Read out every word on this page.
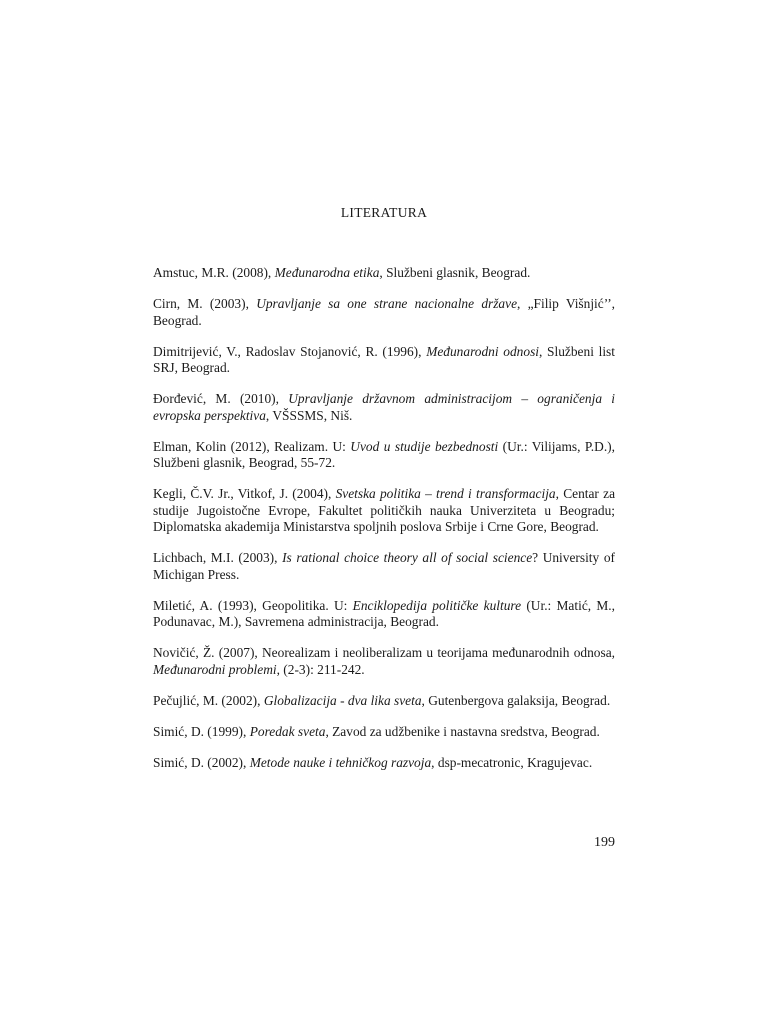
LITERATURA

Amstuc, M.R. (2008), Međunarodna etika, Službeni glasnik, Beograd.

Cirn, M. (2003), Upravljanje sa one strane nacionalne države, „Filip Višnjić’’, Beograd.

Dimitrijević, V., Radoslav Stojanović, R. (1996), Međunarodni odnosi, Službeni list SRJ, Beograd.

Đorđević, M. (2010), Upravljanje državnom administracijom – ograničenja i evropska perspektiva, VŠSSMS, Niš.

Elman, Kolin (2012), Realizam. U: Uvod u studije bezbednosti (Ur.: Vilijams, P.D.), Službeni glasnik, Beograd, 55-72.

Kegli, Č.V. Jr., Vitkof, J. (2004), Svetska politika – trend i transformacija, Centar za studije Jugoistočne Evrope, Fakultet političkih nauka Univerziteta u Beogradu; Diplomatska akademija Ministarstva spoljnih poslova Srbije i Crne Gore, Beograd.

Lichbach, M.I. (2003), Is rational choice theory all of social science? University of Michigan Press.

Miletić, A. (1993), Geopolitika. U: Enciklopedija političke kulture (Ur.: Matić, M., Podunavac, M.), Savremena administracija, Beograd.

Novičić, Ž. (2007), Neorealizam i neoliberalizam u teorijama međunarodnih odnosa, Međunarodni problemi, (2-3): 211-242.

Pečujlić, M. (2002), Globalizacija - dva lika sveta, Gutenbergova galaksija, Beograd.

Simić, D. (1999), Poredak sveta, Zavod za udžbenike i nastavna sredstva, Beograd.

Simić, D. (2002), Metode nauke i tehničkog razvoja, dsp-mecatronic, Kragujevac.

199
